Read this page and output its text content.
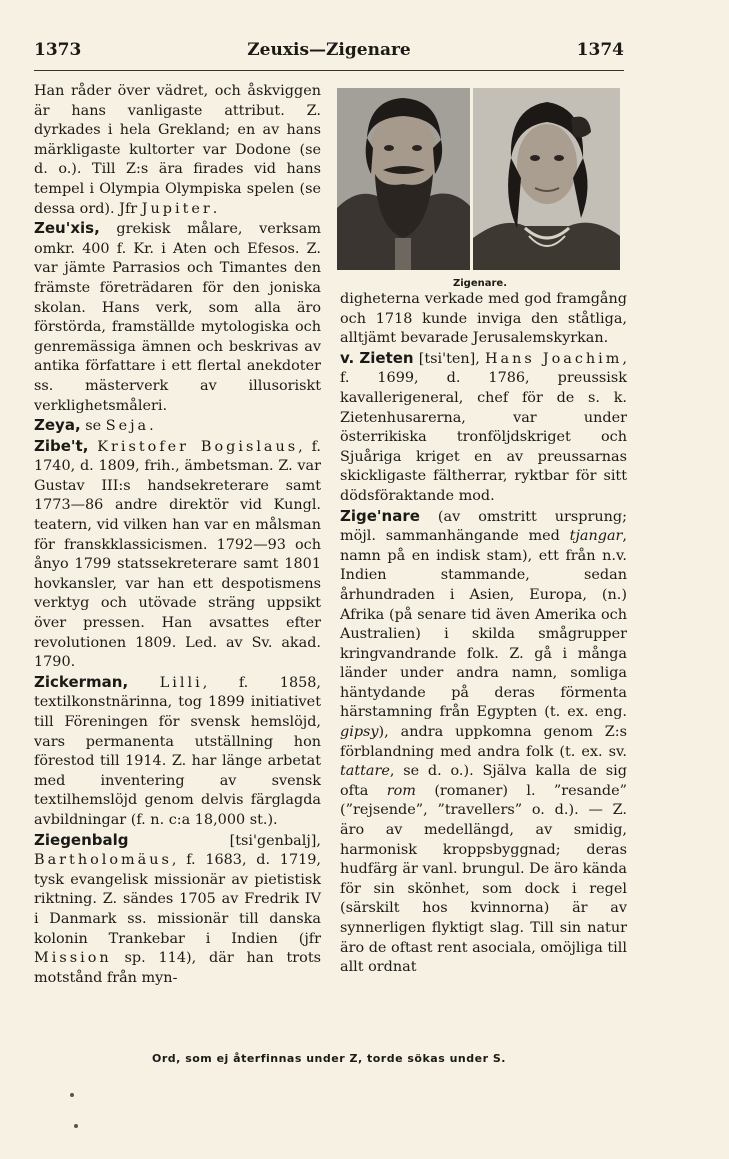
1373	Zeuxis—Zigenare	1374

Han råder över vädret, och åskviggen är hans vanligaste attribut. Z. dyrkades i hela Grekland; en av hans märkligaste kultorter var Dodone (se d. o.). Till Z:s ära firades vid hans tempel i Olympia Olympiska spelen (se dessa ord). Jfr Jupiter.

Zeu'xis, grekisk målare, verksam omkr. 400 f. Kr. i Aten och Efesos. Z. var jämte Parrasios och Timantes den främste företrädaren för den joniska skolan. Hans verk, som alla äro förstörda, framställde mytologiska och genremässiga ämnen och beskrivas av antika författare i ett flertal anekdoter ss. mästerverk av illusoriskt verklighetsmåleri.

Zeya, se Seja.

Zibe't, Kristofer Bogislaus, f. 1740, d. 1809, frih., ämbetsman. Z. var Gustav III:s handsekreterare samt 1773—86 andre direktör vid Kungl. teatern, vid vilken han var en målsman för franskklassicismen. 1792—93 och ånyo 1799 statssekreterare samt 1801 hovkansler, var han ett despotismens verktyg och utövade sträng uppsikt över pressen. Han avsattes efter revolutionen 1809. Led. av Sv. akad. 1790.

Zickerman, Lilli, f. 1858, textilkonstnärinna, tog 1899 initiativet till Föreningen för svensk hemslöjd, vars permanenta utställning hon förestod till 1914. Z. har länge arbetat med inventering av svensk textilhemslöjd genom delvis färglagda avbildningar (f. n. c:a 18,000 st.).

Ziegenbalg [tsi'genbalj], Bartholomäus, f. 1683, d. 1719, tysk evangelisk missionär av pietistisk riktning. Z. sändes 1705 av Fredrik IV i Danmark ss. missionär till danska kolonin Trankebar i Indien (jfr Mission sp. 114), där han trots motstånd från myn-

Zigenare.

digheterna verkade med god framgång och 1718 kunde inviga den ståtliga, alltjämt bevarade Jerusalemskyrkan.

v. Zieten [tsi'ten], Hans Joachim, f. 1699, d. 1786, preussisk kavallerigeneral, chef för de s. k. Zietenhusarerna, var under österrikiska tronföljdskriget och Sjuåriga kriget en av preussarnas skickligaste fältherrar, ryktbar för sitt dödsföraktande mod.

Zige'nare (av omstritt ursprung; möjl. sammanhängande med tjangar, namn på en indisk stam), ett från n.v. Indien stammande, sedan århundraden i Asien, Europa, (n.) Afrika (på senare tid även Amerika och Australien) i skilda smågrupper kringvandrande folk. Z. gå i många länder under andra namn, somliga häntydande på deras förmenta härstamning från Egypten (t. ex. eng. gipsy), andra uppkomna genom Z:s förblandning med andra folk (t. ex. sv. tattare, se d. o.). Själva kalla de sig ofta rom (romaner) l. ”resande” (”rejsende”, ”travellers” o. d.). — Z. äro av medellängd, av smidig, harmonisk kroppsbyggnad; deras hudfärg är vanl. brungul. De äro kända för sin skönhet, som dock i regel (särskilt hos kvinnorna) är av synnerligen flyktigt slag. Till sin natur äro de oftast rent asociala, omöjliga till allt ordnat

Ord, som ej återfinnas under Z, torde sökas under S.
